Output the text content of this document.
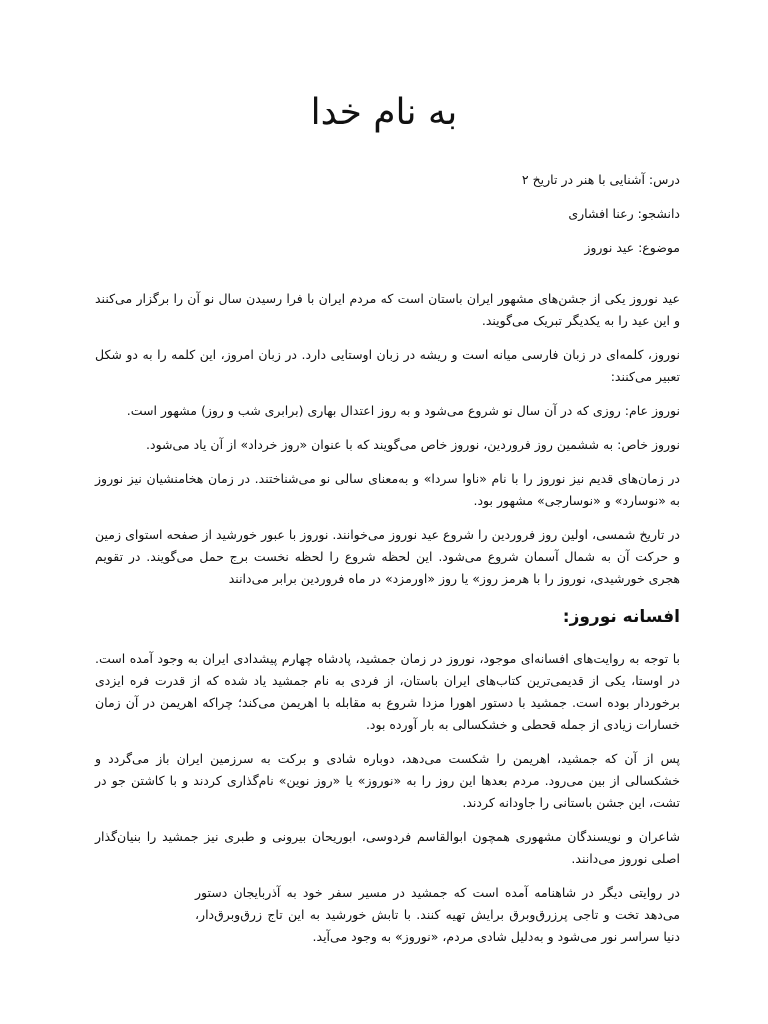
به نام خدا
درس: آشنایی با هنر در تاریخ ۲
دانشجو: رعنا افشاری
موضوع: عید نوروز

عید نوروز یکی از جشن‌های مشهور ایران باستان است که مردم ایران با فرا رسیدن سال نو آن را برگزار می‌کنند و این عید را به یکدیگر تبریک می‌گویند.

نوروز، کلمه‌ای در زبان فارسی میانه است و ریشه در زبان اوستایی دارد. در زبان امروز، این کلمه را به دو شکل تعبیر می‌کنند:

نوروز عام: روزی که در آن سال نو شروع می‌شود و به روز اعتدال بهاری (برابری شب و روز) مشهور است.

نوروز خاص: به ششمین روز فروردین، نوروز خاص می‌گویند که با عنوان «روز خرداد» از آن یاد می‌شود.

در زمان‌های قدیم نیز نوروز را با نام «ناوا سردا» و به‌معنای سالی نو می‌شناختند. در زمان هخامنشیان نیز نوروز به «نوسارد» و «نوسارجی» مشهور بود.

در تاریخ شمسی، اولین روز فروردین را شروع عید نوروز می‌خوانند. نوروز با عبور خورشید از صفحه استوای زمین و حرکت آن به شمال آسمان شروع می‌شود. این لحظه شروع را لحظه نخست برج حمل می‌گویند. در تقویم هجری خورشیدی، نوروز را با هرمز روز» یا روز «اورمزد» در ماه فروردین برابر می‌دانند

افسانه نوروز:

با توجه به روایت‌های افسانه‌ای موجود، نوروز در زمان جمشید، پادشاه چهارم پیشدادی ایران به وجود آمده است. در اوستا، یکی از قدیمی‌ترین کتاب‌های ایران باستان، از فردی به نام جمشید یاد شده که از قدرت فره ایزدی برخوردار بوده است. جمشید با دستور اهورا مزدا شروع به مقابله با اهریمن می‌کند؛ چراکه اهریمن در آن زمان خسارات زیادی از جمله قحطی و خشکسالی به بار آورده بود.

پس از آن که جمشید، اهریمن را شکست می‌دهد، دوباره شادی و برکت به سرزمین ایران باز می‌گردد و خشکسالی از بین می‌رود. مردم بعدها این روز را به «نوروز» یا «روز نوین» نام‌گذاری کردند و با کاشتن جو در تشت، این جشن باستانی را جاودانه کردند.

شاعران و نویسندگان مشهوری همچون ابوالقاسم فردوسی، ابوریحان بیرونی و طبری نیز جمشید را بنیان‌گذار اصلی نوروز می‌دانند.

در روایتی دیگر در شاهنامه آمده است که جمشید در مسیر سفر خود به آذربایجان دستور می‌دهد تخت و تاجی پرزرق‌وبرق برایش تهیه کنند. با تابش خورشید به این تاج زرق‌وبرق‌دار، دنیا سراسر نور می‌شود و به‌دلیل شادی مردم، «نوروز» به وجود می‌آید.
